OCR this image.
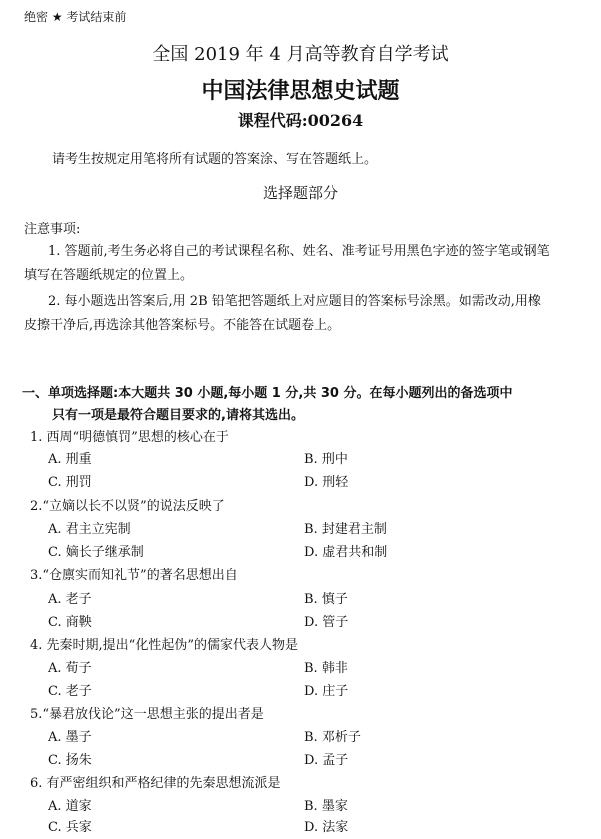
绝密 ★ 考试结束前
全国 2019 年 4 月高等教育自学考试
中国法律思想史试题
课程代码:00264
请考生按规定用笔将所有试题的答案涂、写在答题纸上。
选择题部分
注意事项:
1. 答题前,考生务必将自己的考试课程名称、姓名、准考证号用黑色字迹的签字笔或钢笔
填写在答题纸规定的位置上。
2. 每小题选出答案后,用 2B 铅笔把答题纸上对应题目的答案标号涂黑。如需改动,用橡
皮擦干净后,再选涂其他答案标号。不能答在试题卷上。
一、单项选择题:本大题共 30 小题,每小题 1 分,共 30 分。在每小题列出的备选项中
只有一项是最符合题目要求的,请将其选出。
1. 西周“明德慎罚”思想的核心在于
A. 刑重	B. 刑中
C. 刑罚	D. 刑轻
2.“立嫡以长不以贤”的说法反映了
A. 君主立宪制	B. 封建君主制
C. 嫡长子继承制	D. 虚君共和制
3.“仓廪实而知礼节”的著名思想出自
A. 老子	B. 慎子
C. 商鞅	D. 管子
4. 先秦时期,提出“化性起伪”的儒家代表人物是
A. 荀子	B. 韩非
C. 老子	D. 庄子
5.“暴君放伐论”这一思想主张的提出者是
A. 墨子	B. 邓析子
C. 扬朱	D. 孟子
6. 有严密组织和严格纪律的先秦思想流派是
A. 道家	B. 墨家
C. 兵家	D. 法家
